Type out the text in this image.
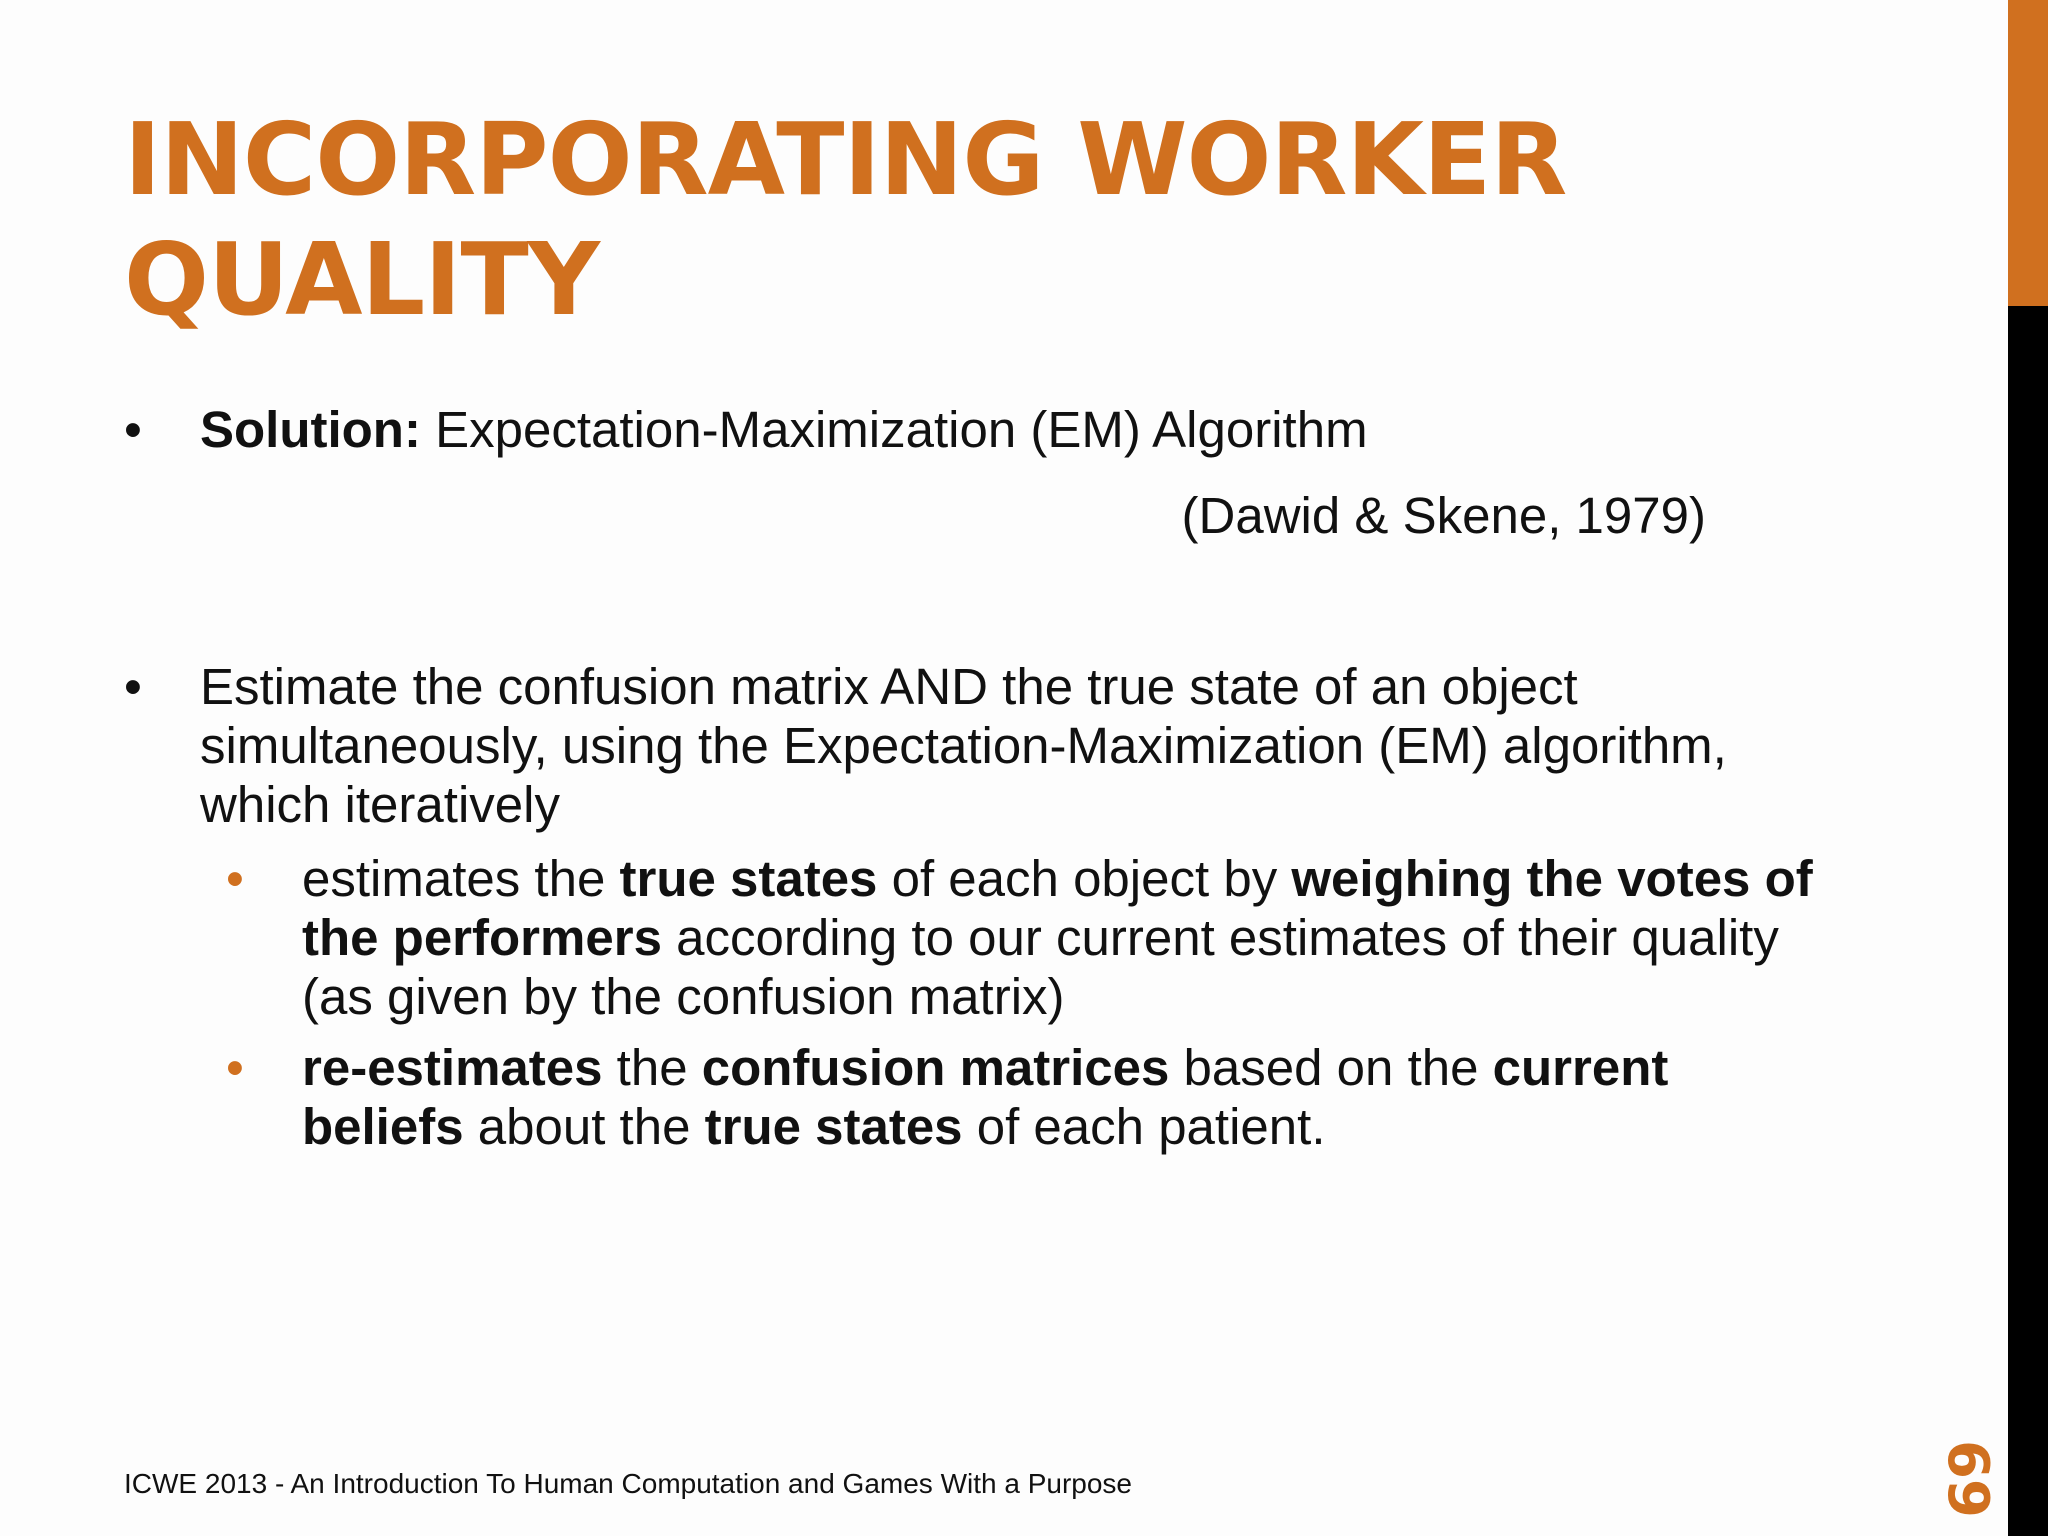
INCORPORATING WORKER
QUALITY
• Solution: Expectation-Maximization (EM) Algorithm
(Dawid & Skene, 1979)
• Estimate the confusion matrix AND the true state of an object simultaneously, using the Expectation-Maximization (EM) algorithm, which iteratively
• estimates the true states of each object by weighing the votes of the performers according to our current estimates of their quality (as given by the confusion matrix)
• re-estimates the confusion matrices based on the current beliefs about the true states of each patient.
ICWE 2013 - An Introduction To Human Computation and Games With a Purpose	69
